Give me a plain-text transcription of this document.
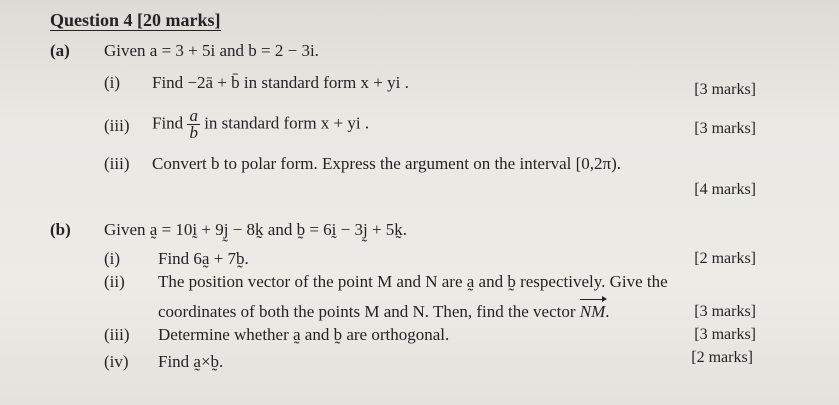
Question 4 [20 marks]
(a) Given a = 3 + 5i and b = 2 − 3i.
(i) Find −2ā + b̄ in standard form x + yi .	[3 marks]
(iii) Find $\frac{a}{b}$ in standard form x + yi .	[3 marks]
(iii) Convert b to polar form. Express the argument on the interval [0,2π).
[4 marks]
(b) Given a̰ = 10ḭ + 9j̰ − 8k̰ and b̰ = 6ḭ − 3j̰ + 5k̰.
(i) Find 6a̰ + 7b̰.	[2 marks]
(ii) The position vector of the point M and N are a̰ and b̰ respectively. Give the
coordinates of both the points M and N. Then, find the vector NM.	[3 marks]
(iii) Determine whether a̰ and b̰ are orthogonal.	[3 marks]
(iv) Find a̰×b̰.	[2 marks]
